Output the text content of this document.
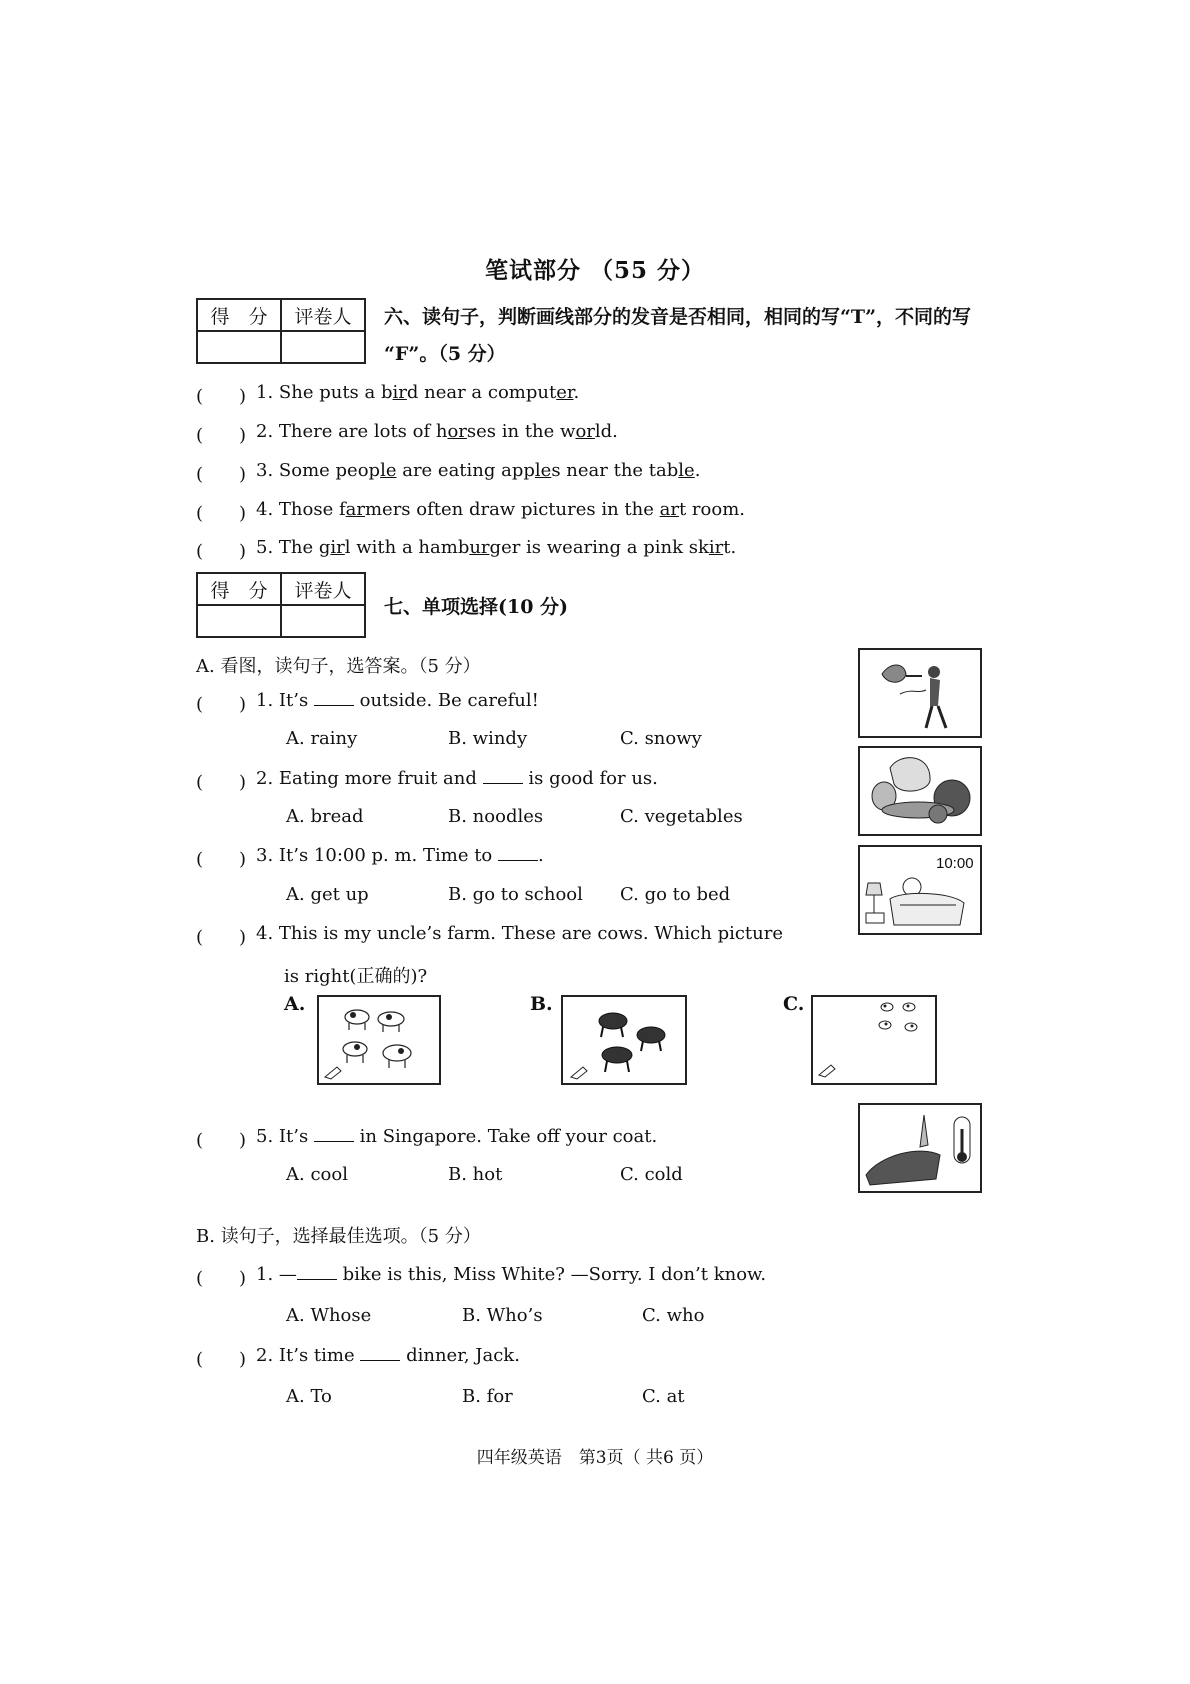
笔试部分 （55 分）
得　分	评卷人
	六、读句子，判断画线部分的发音是否相同，相同的写“T”，不同的写
“F”。（5 分）
(　　) 1. She puts a bird near a computer.
(　　) 2. There are lots of horses in the world.
(　　) 3. Some people are eating apples near the table.
(　　) 4. Those farmers often draw pictures in the art room.
(　　) 5. The girl with a hamburger is wearing a pink skirt.
得　分	评卷人

七、单项选择(10 分)
A. 看图，读句子，选答案。（5 分）
(　　) 1. It’s  outside. Be careful!
A. rainy	B. windy	C. snowy
(　　) 2. Eating more fruit and  is good for us.
A. bread	B. noodles	C. vegetables
(　　) 3. It’s 10:00 p. m. Time to .
A. get up	B. go to school C. go to bed
(　　) 4. This is my uncle’s farm. These are cows. Which picture
is right(正确的)?
(　　) 5. It’s  in Singapore. Take off your coat.
A. cool	B. hot	C. cold
A.	B.	C.
B. 读句子，选择最佳选项。（5 分）
(　　) 1. — bike is this, Miss White? —Sorry. I don’t know.
A. Whose	B. Who’s	C. who
(　　) 2. It’s time  dinner, Jack.
A. To	B. for	C. at
10:00
四年级英语　第3页（ 共6 页）
